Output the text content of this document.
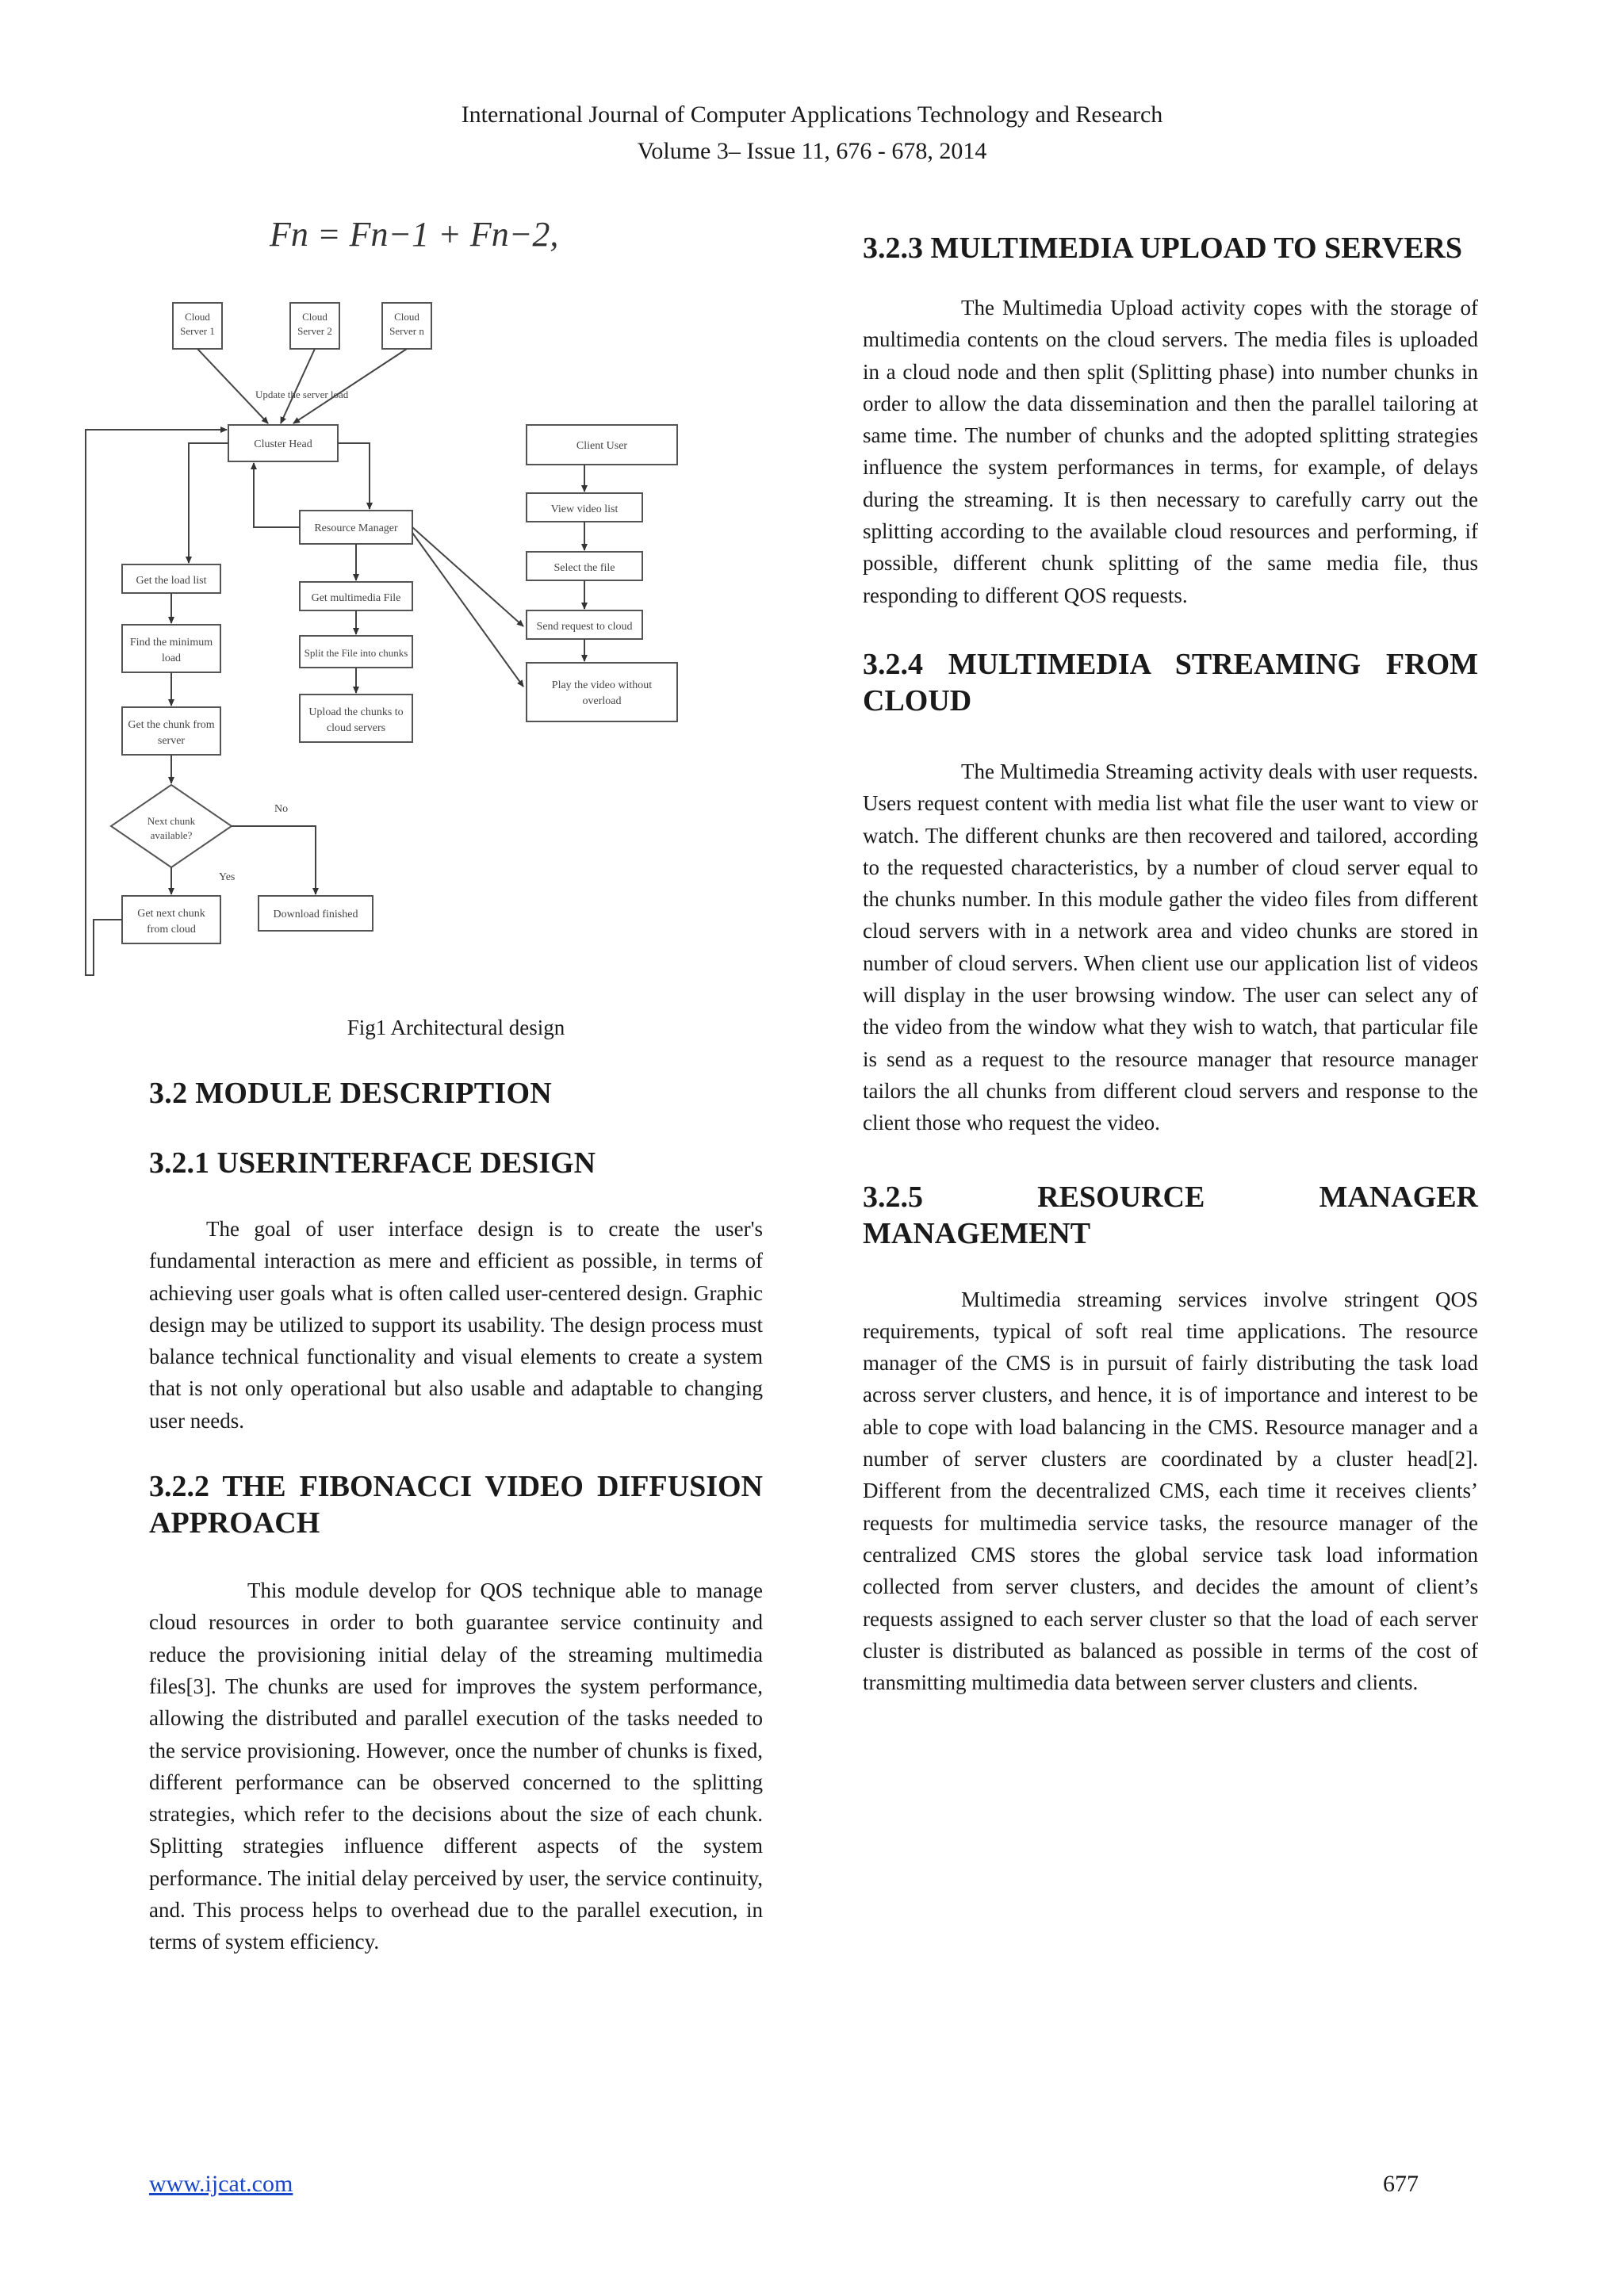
International Journal of Computer Applications Technology and Research
Volume 3– Issue 11, 676 - 678, 2014
Fn = Fn−1 + Fn−2,
Cloud
Server 1
Cloud
Server 2
Cloud
Server n
Update the server load
Cluster Head
Resource Manager
Get the load list
Find the minimum
load
Get the chunk from
server
Next chunk
available?
Get next chunk
from cloud
Download finished
No
Yes
Get multimedia File
Split the File into chunks
Upload the chunks to
cloud servers
Client User
View video list
Select the file
Send request to cloud
Play the video without
overload
Fig1 Architectural design
3.2 MODULE DESCRIPTION
3.2.1 USERINTERFACE DESIGN

The goal of user interface design is to create the user's fundamental interaction as mere and efficient as possible, in terms of achieving user goals what is often called user-centered design. Graphic design may be utilized to support its usability. The design process must balance technical functionality and visual elements to create a system that is not only operational but also usable and adaptable to changing user needs.

3.2.2 THE FIBONACCI VIDEO DIFFUSION APPROACH

This module develop for QOS technique able to manage cloud resources in order to both guarantee service continuity and reduce the provisioning initial delay of the streaming multimedia files[3]. The chunks are used for improves the system performance, allowing the distributed and parallel execution of the tasks needed to the service provisioning. However, once the number of chunks is fixed, different performance can be observed concerned to the splitting strategies, which refer to the decisions about the size of each chunk. Splitting strategies influence different aspects of the system performance. The initial delay perceived by user, the service continuity, and. This process helps to overhead due to the parallel execution, in terms of system efficiency.

3.2.3 MULTIMEDIA UPLOAD TO SERVERS

The Multimedia Upload activity copes with the storage of multimedia contents on the cloud servers. The media files is uploaded in a cloud node and then split (Splitting phase) into number chunks in order to allow the data dissemination and then the parallel tailoring at same time. The number of chunks and the adopted splitting strategies influence the system performances in terms, for example, of delays during the streaming. It is then necessary to carefully carry out the splitting according to the available cloud resources and performing, if possible, different chunk splitting of the same media file, thus responding to different QOS requests.

3.2.4 MULTIMEDIA STREAMING FROM CLOUD

The Multimedia Streaming activity deals with user requests. Users request content with media list what file the user want to view or watch. The different chunks are then recovered and tailored, according to the requested characteristics, by a number of cloud server equal to the chunks number. In this module gather the video files from different cloud servers with in a network area and video chunks are stored in number of cloud servers. When client use our application list of videos will display in the user browsing window. The user can select any of the video from the window what they wish to watch, that particular file is send as a request to the resource manager that resource manager tailors the all chunks from different cloud servers and response to the client those who request the video.

3.2.5 RESOURCE MANAGER MANAGEMENT

Multimedia streaming services involve stringent QOS requirements, typical of soft real time applications. The resource manager of the CMS is in pursuit of fairly distributing the task load across server clusters, and hence, it is of importance and interest to be able to cope with load balancing in the CMS. Resource manager and a number of server clusters are coordinated by a cluster head[2]. Different from the decentralized CMS, each time it receives clients’ requests for multimedia service tasks, the resource manager of the centralized CMS stores the global service task load information collected from server clusters, and decides the amount of client’s requests assigned to each server cluster so that the load of each server cluster is distributed as balanced as possible in terms of the cost of transmitting multimedia data between server clusters and clients.

www.ijcat.com	677
